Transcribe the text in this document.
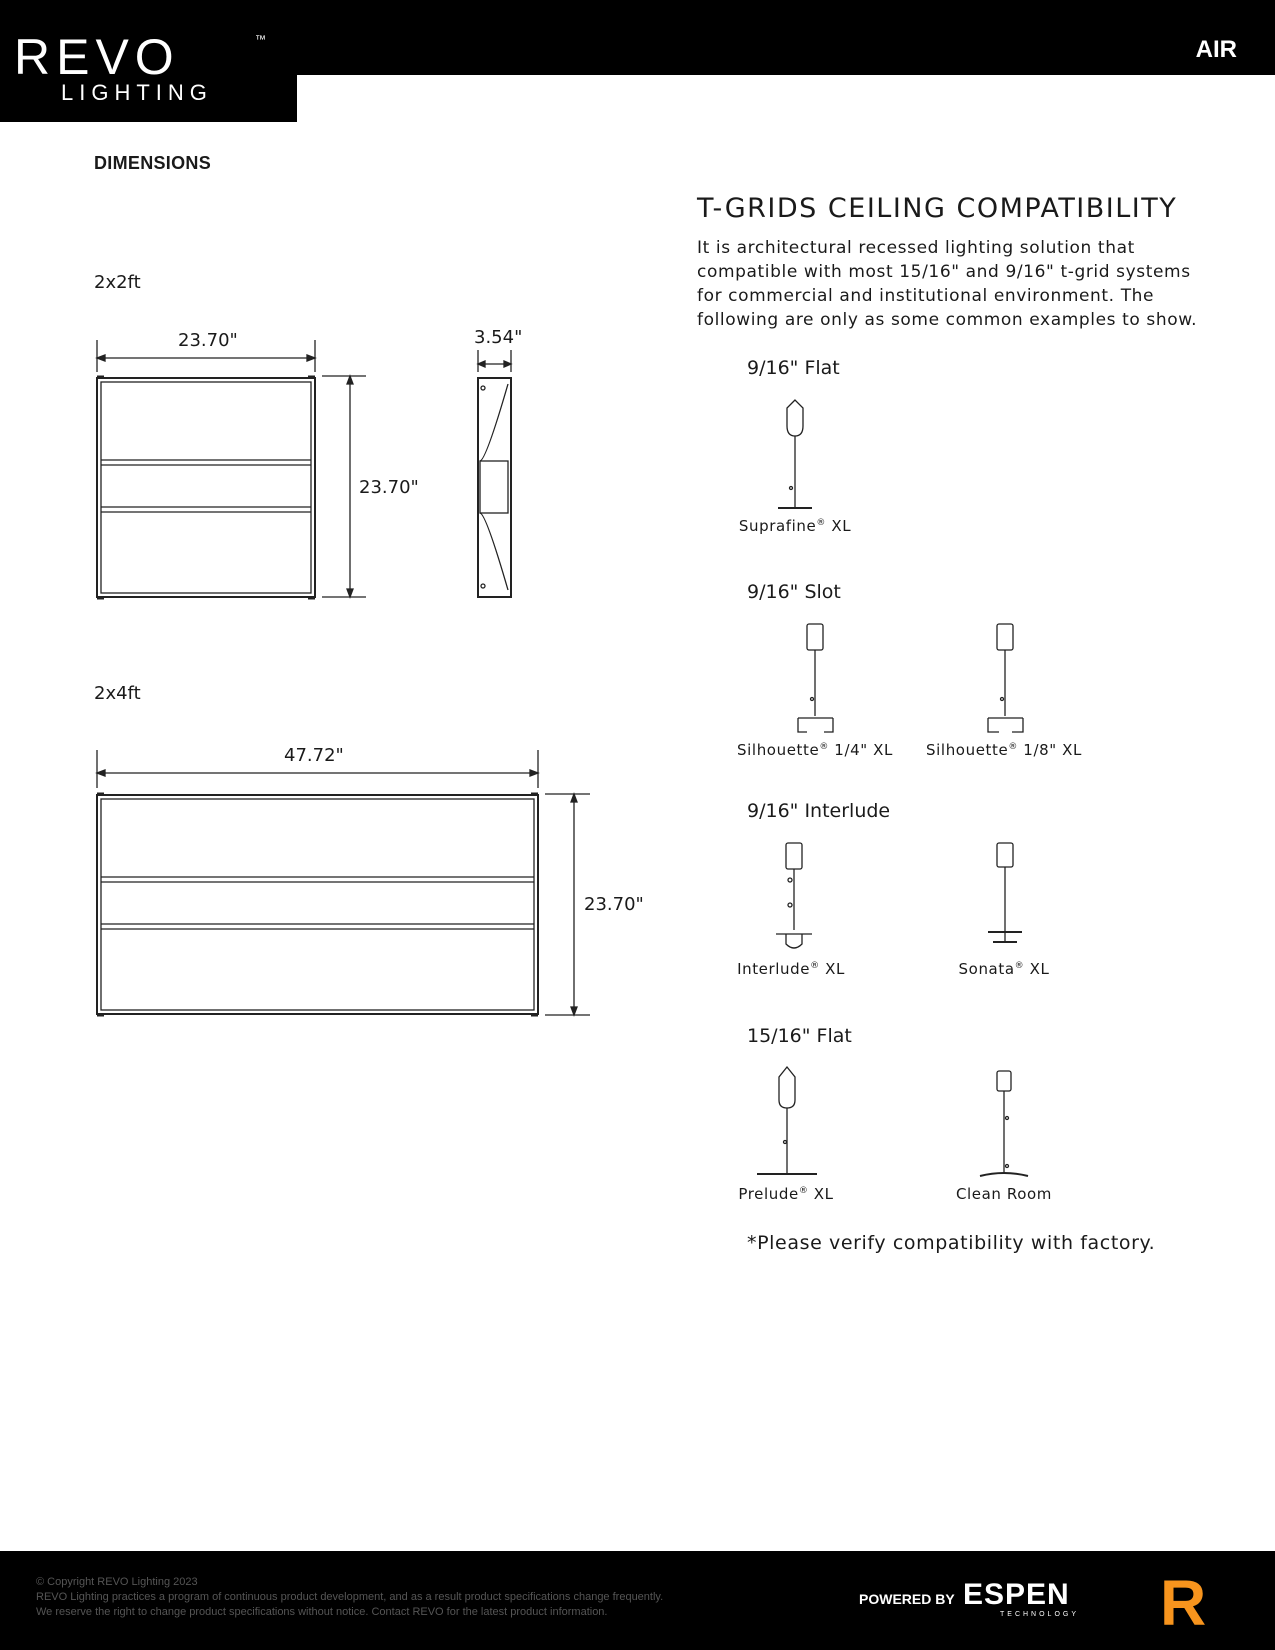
REVO	™
LIGHTING
AIR
DIMENSIONS
2x2ft
23.70"
23.70"
3.54"
2x4ft
47.72"
23.70"
T-GRIDS CEILING COMPATIBILITY
It is architectural recessed lighting solution that compatible with most 15/16" and 9/16" t-grid systems for commercial and institutional environment. The following are only as some common examples to show.
9/16" Flat
Suprafine® XL
9/16" Slot
Silhouette® 1/4" XL	Silhouette® 1/8" XL
9/16" Interlude
Interlude® XL	Sonata® XL
15/16" Flat
Prelude® XL	Clean Room
*Please verify compatibility with factory.
© Copyright REVO Lighting 2023
REVO Lighting practices a program of continuous product development, and as a result product specifications change frequently.
We reserve the right to change product specifications without notice. Contact REVO for the latest product information.
POWERED BY ESPEN
TECHNOLOGY R
